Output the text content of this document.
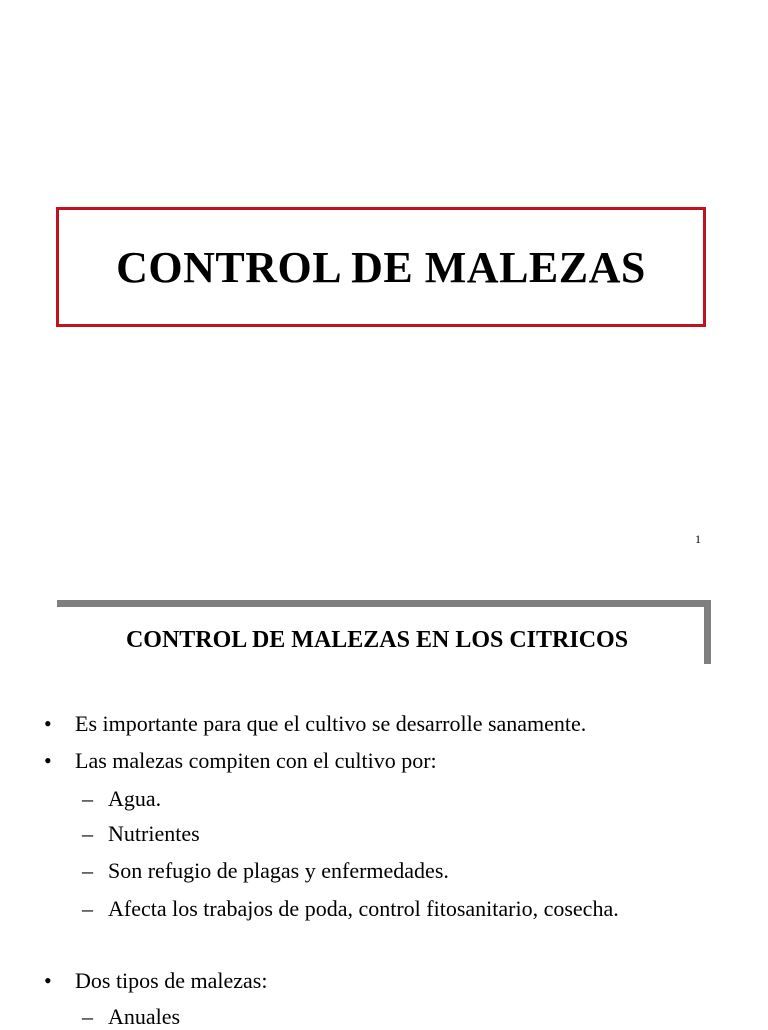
CONTROL DE MALEZAS
1
CONTROL DE MALEZAS EN LOS CITRICOS
• Es importante para que el cultivo se desarrolle sanamente.
• Las malezas compiten con el cultivo por:
– Agua.
– Nutrientes
– Son refugio de plagas y enfermedades.
– Afecta los trabajos de poda, control fitosanitario, cosecha.
• Dos tipos de malezas:
– Anuales
